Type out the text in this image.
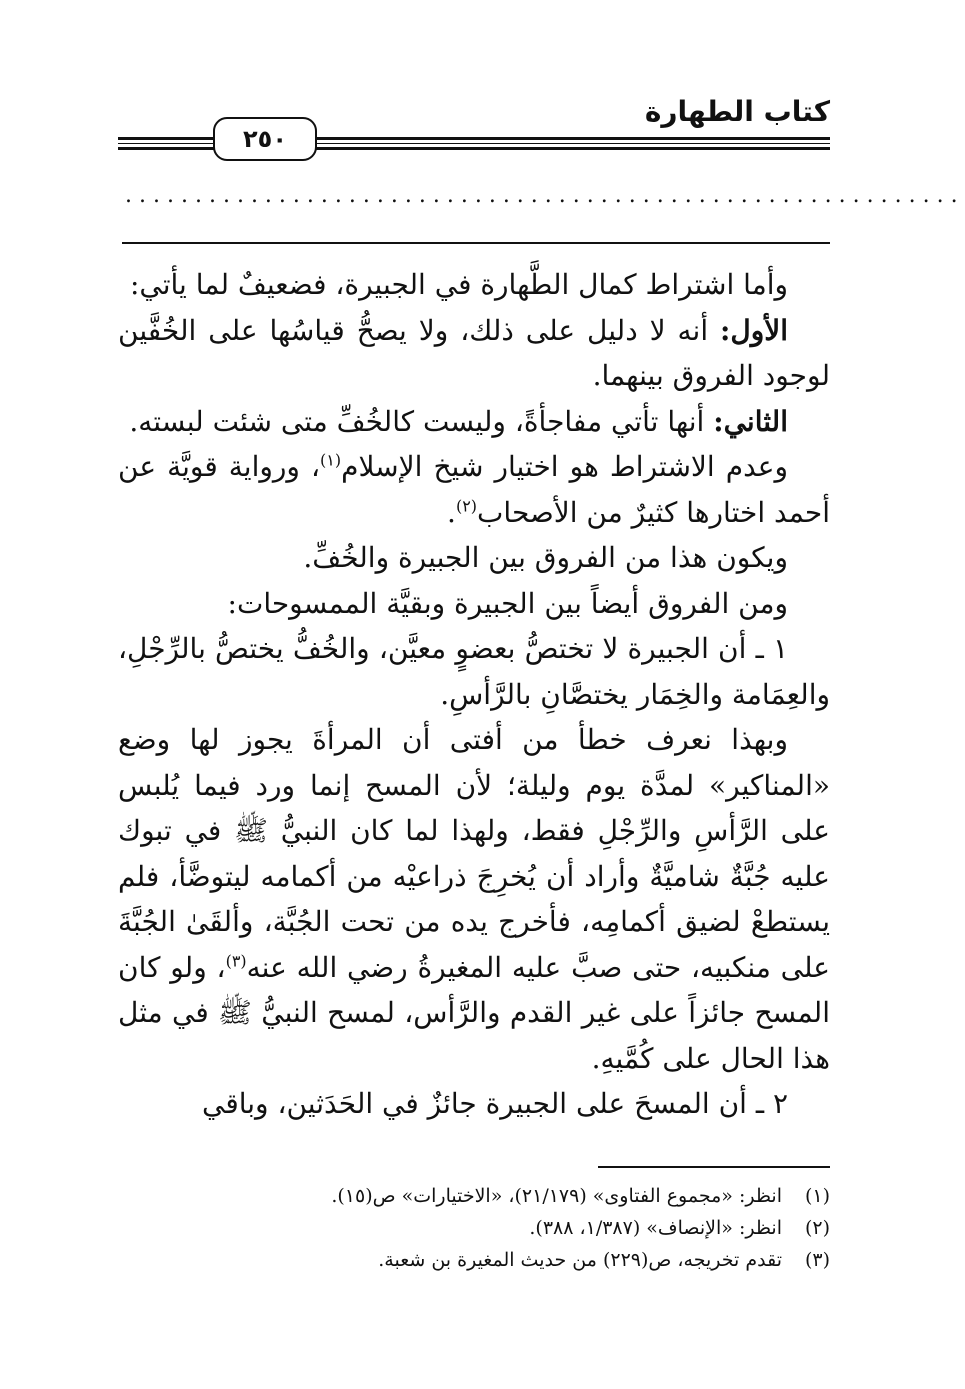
كتاب الطهارة
٢٥٠
............................................................

وأما اشتراط كمال الطَّهارة في الجبيرة، فضعيفٌ لما يأتي:

الأول: أنه لا دليل على ذلك، ولا يصحُّ قياسُها على الخُفَّين لوجود الفروق بينهما.

الثاني: أنها تأتي مفاجأةً، وليست كالخُفِّ متى شئت لبسته.

وعدم الاشتراط هو اختيار شيخ الإسلام$^{(١)}$، ورواية قويَّة عن أحمد اختارها كثيرٌ من الأصحاب$^{(٢)}$.

ويكون هذا من الفروق بين الجبيرة والخُفِّ.

ومن الفروق أيضاً بين الجبيرة وبقيَّة الممسوحات:

١ ـ أن الجبيرة لا تختصُّ بعضوٍ معيَّن، والخُفُّ يختصُّ بالرِّجْلِ، والعِمَامة والخِمَار يختصَّانِ بالرَّأسِ.

وبهذا نعرف خطأ من أفتى أن المرأةَ يجوز لها وضع «المناكير» لمدَّة يوم وليلة؛ لأن المسح إنما ورد فيما يُلبس على الرَّأسِ والرِّجْلِ فقط، ولهذا لما كان النبيُّ ﷺ في تبوك عليه جُبَّةٌ شاميَّةٌ وأراد أن يُخرِجَ ذراعيْه من أكمامه ليتوضَّأ، فلم يستطعْ لضيق أكمامِه، فأخرج يده من تحت الجُبَّة، وألقَىٰ الجُبَّةَ على منكبيه، حتى صبَّ عليه المغيرةُ رضي الله عنه$^{(٣)}$، ولو كان المسح جائزاً على غير القدم والرَّأس، لمسح النبيُّ ﷺ في مثل هذا الحال على كُمَّيهِ.

٢ ـ أن المسحَ على الجبيرة جائزٌ في الحَدَثين، وباقي

(١)
انظر: «مجموع الفتاوى» (٢١/١٧٩)، «الاختيارات» ص(١٥).
(٢)
انظر: «الإنصاف» (١/٣٨٧، ٣٨٨).
(٣)
تقدم تخريجه، ص(٢٢٩) من حديث المغيرة بن شعبة.
